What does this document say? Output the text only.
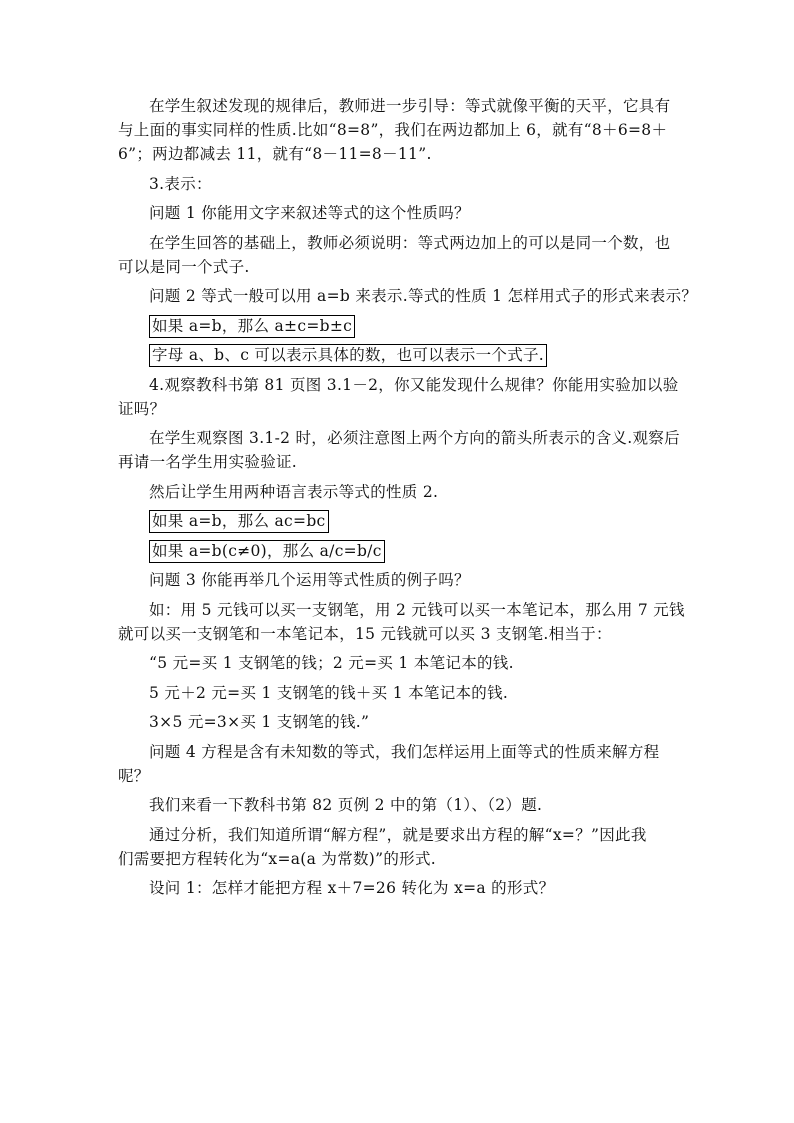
在学生叙述发现的规律后，教师进一步引导：等式就像平衡的天平，它具有
与上面的事实同样的性质.比如“8=8”，我们在两边都加上 6，就有“8＋6=8＋
6”；两边都减去 11，就有“8－11=8－11”.
3.表示：
问题 1 你能用文字来叙述等式的这个性质吗？
在学生回答的基础上，教师必须说明：等式两边加上的可以是同一个数，也
可以是同一个式子.
问题 2 等式一般可以用 a=b 来表示.等式的性质 1 怎样用式子的形式来表示？
如果 a=b，那么 a±c=b±c
字母 a、b、c 可以表示具体的数，也可以表示一个式子.
4.观察教科书第 81 页图 3.1－2，你又能发现什么规律？你能用实验加以验
证吗？
在学生观察图 3.1-2 时，必须注意图上两个方向的箭头所表示的含义.观察后
再请一名学生用实验验证.
然后让学生用两种语言表示等式的性质 2.
如果 a=b，那么 ac=bc
如果 a=b(c≠0)，那么 a/c=b/c
问题 3 你能再举几个运用等式性质的例子吗？
如：用 5 元钱可以买一支钢笔，用 2 元钱可以买一本笔记本，那么用 7 元钱
就可以买一支钢笔和一本笔记本，15 元钱就可以买 3 支钢笔.相当于：
“5 元=买 1 支钢笔的钱；2 元=买 1 本笔记本的钱.
5 元＋2 元=买 1 支钢笔的钱＋买 1 本笔记本的钱.
3×5 元=3×买 1 支钢笔的钱.”
问题 4 方程是含有未知数的等式，我们怎样运用上面等式的性质来解方程
呢？
我们来看一下教科书第 82 页例 2 中的第（1）、（2）题.
通过分析，我们知道所谓“解方程”，就是要求出方程的解“x=？”因此我
们需要把方程转化为“x=a(a 为常数)”的形式.
设问 1：怎样才能把方程 x＋7=26 转化为 x=a 的形式？
